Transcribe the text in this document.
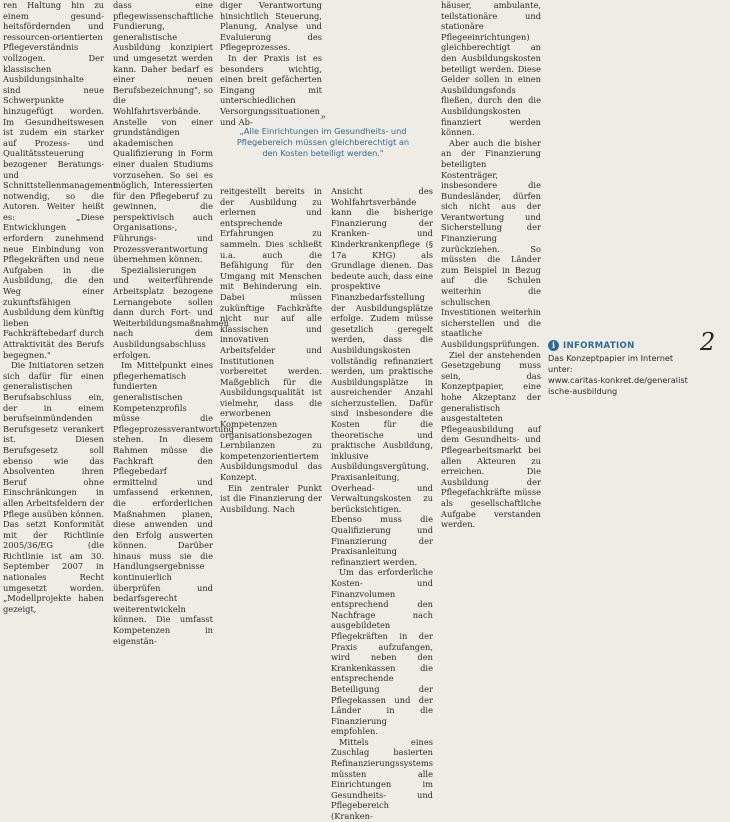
ren Haltung hin zu einem gesund-heitsfördernden und ressourcen-orientierten Pflegeverständnis vollzogen. Der klassischen Ausbildungsinhalte sind neue Schwerpunkte hinzugefügt worden. Im Gesundheitswesen ist zudem ein starker auf Prozess- und Qualitätssteuerung bezogener Beratungs- und Schnittstellenmanagement notwendig, so die Autoren. Weiter heißt es: „Diese Entwicklungen erfordern zunehmend neue Einbindung von Pflegekräften und neue Aufgaben in die Ausbildung, die den Weg einer zukunftsfähigen Ausbildung dem künftig lieben Fachkräftebedarf durch Attraktivität des Berufs begegnen."

Die Initiatoren setzen sich dafür für einen generalistischen Berufsabschluss ein, der in einem berufseinmündenden Berufsgesetz verankert ist. Diesen Berufsgesetz soll ebenso wie das Absolventen ihren Beruf ohne Einschränkungen in allen Arbeitsfeldern der Pflege ausüben können. Das setzt Konformität mit der Richtlinie 2005/36/EG (die Richtlinie ist am 30. September 2007 in nationales Recht umgesetzt worden. „Modellprojekte haben gezeigt,

dass eine pflegewissenschaftliche Fundierung, generalistische Ausbildung konzipiert und umgesetzt werden kann. Daher bedarf es einer neuen Berufsbezeichnung", so die Wohlfahrtsverbände. Anstelle von einer grundständigen akademischen Qualifizierung in Form einer dualen Studiums vorzusehen. So sei es möglich, Interessierten für den Pflegeberuf zu gewinnen, die perspektivisch auch Organisations-, Führungs- und Prozessverantwortung übernehmen können.

Spezialisierungen und weiterführende Arbeitsplatz bezogene Lernangebote sollen dann durch Fort- und Weiterbildungsmaßnahmen nach dem Ausbildungsabschluss erfolgen.

Im Mittelpunkt eines pflegerhematisch fundierten generalistischen Kompetenzprofils müsse die Pflegeprozessverantwortung stehen. In diesem Rahmen müsse die Fachkraft den Pflegebedarf ermittelnd und umfassend erkennen, die erforderlichen Maßnahmen planen, diese anwenden und den Erfolg auswerten können. Darüber hinaus muss sie die Handlungsergebnisse kontinuierlich überprüfen und bedarfsgerecht weiterentwickeln können. Die umfasst Kompetenzen in eigenstän-

diger Verantwortung hinsichtlich Steuerung, Planung, Analyse und Evaluierung des Pflegeprozesses.

In der Praxis ist es besonders wichtig, einen breit gefächerten Eingang mit unterschiedlichen Versorgungssituationen und Ab-	»
„Alle Einrichtungen im Gesundheits- und Pflegebereich müssen gleichberechtigt an den Kosten beteiligt werden."

reitgestellt bereits in der Ausbildung zu erlernen und entsprechende Erfahrungen zu sammeln. Dies schließt u.a. auch die Befähigung für den Umgang mit Menschen mit Behinderung ein. Dabei müssen zukünftige Fachkräfte nicht nur auf alle klassischen und innovativen Arbeitsfelder und Institutionen vorbereitet werden. Maßgeblich für die Ausbildungsqualität ist vielmehr, dass die erworbenen Kompetenzen organisationsbezogen Lernbilanzen zu kompetenzorientiertem Ausbildungsmodul das Konzept.

Ein zentraler Punkt ist die Finanzierung der Ausbildung. Nach

Ansicht des Wohlfahrtsverbände kann die bisherige Finanzierung der Kranken- und Kinderkrankenpflege (§ 17a KHG) als Grundlage dienen. Das bedeute auch, dass eine prospektive Finanzbedarfsstellung der Ausbildungsplätze erfolge. Zudem müsse gesetzlich geregelt werden, dass die Ausbildungskosten vollständig refinanziert werden, um praktische Ausbildungsplätze in ausreichender Anzahl sicherzustellen. Dafür sind insbesondere die Kosten für die theoretische und praktische Ausbildung, inklusive Ausbildungsvergütung, Praxisanleitung, Overhead- und Verwaltungskosten zu berücksichtigen. Ebenso muss die Qualifizierung und Finanzierung der Praxisanleitung refinanziert werden.

Um das erforderliche Kosten- und Finanzvolumen entsprechend den Nachfrage nach ausgebildeten Pflegekräften in der Praxis aufzufangen, wird neben den Krankenkassen die entsprechende Beteiligung der Pflegekassen und der Länder in die Finanzierung empfohlen.

Mittels eines Zuschlag basierten Refinanzierungssystems müssten alle Einrichtungen im Gesundheits- und Pflegebereich (Kranken-

häuser, ambulante, teilstationäre und stationäre Pflegeeinrichtungen) gleichberechtigt an den Ausbildungskosten beteiligt werden. Diese Gelder sollen in einen Ausbildungsfonds fließen, durch den die Ausbildungskosten finanziert werden können.

Aber auch die bisher an der Finanzierung beteiligten Kostenträger, insbesondere die Bundesländer, dürfen sich nicht aus der Verantwortung und Sicherstellung der Finanzierung zurückziehen. So müssten die Länder zum Beispiel in Bezug auf die Schulen weiterhin die schulischen Investitionen weiterhin sicherstellen und die staatliche Ausbildungsprüfungen.

Ziel der anstehenden Gesetzgebung muss sein, das Konzeptpapier, eine hohe Akzeptanz der generalistisch ausgestalteten Pflegeausbildung auf dem Gesundheits- und Pflegearbeitsmarkt bei allen Akteuren zu erreichen. Die Ausbildung der Pflegefachkräfte müsse als gesellschaftliche Aufgabe verstanden werden.

2
i INFORMATION
Das Konzeptpapier im Internet unter:
www.caritas-konkret.de/generalistische-ausbildung
